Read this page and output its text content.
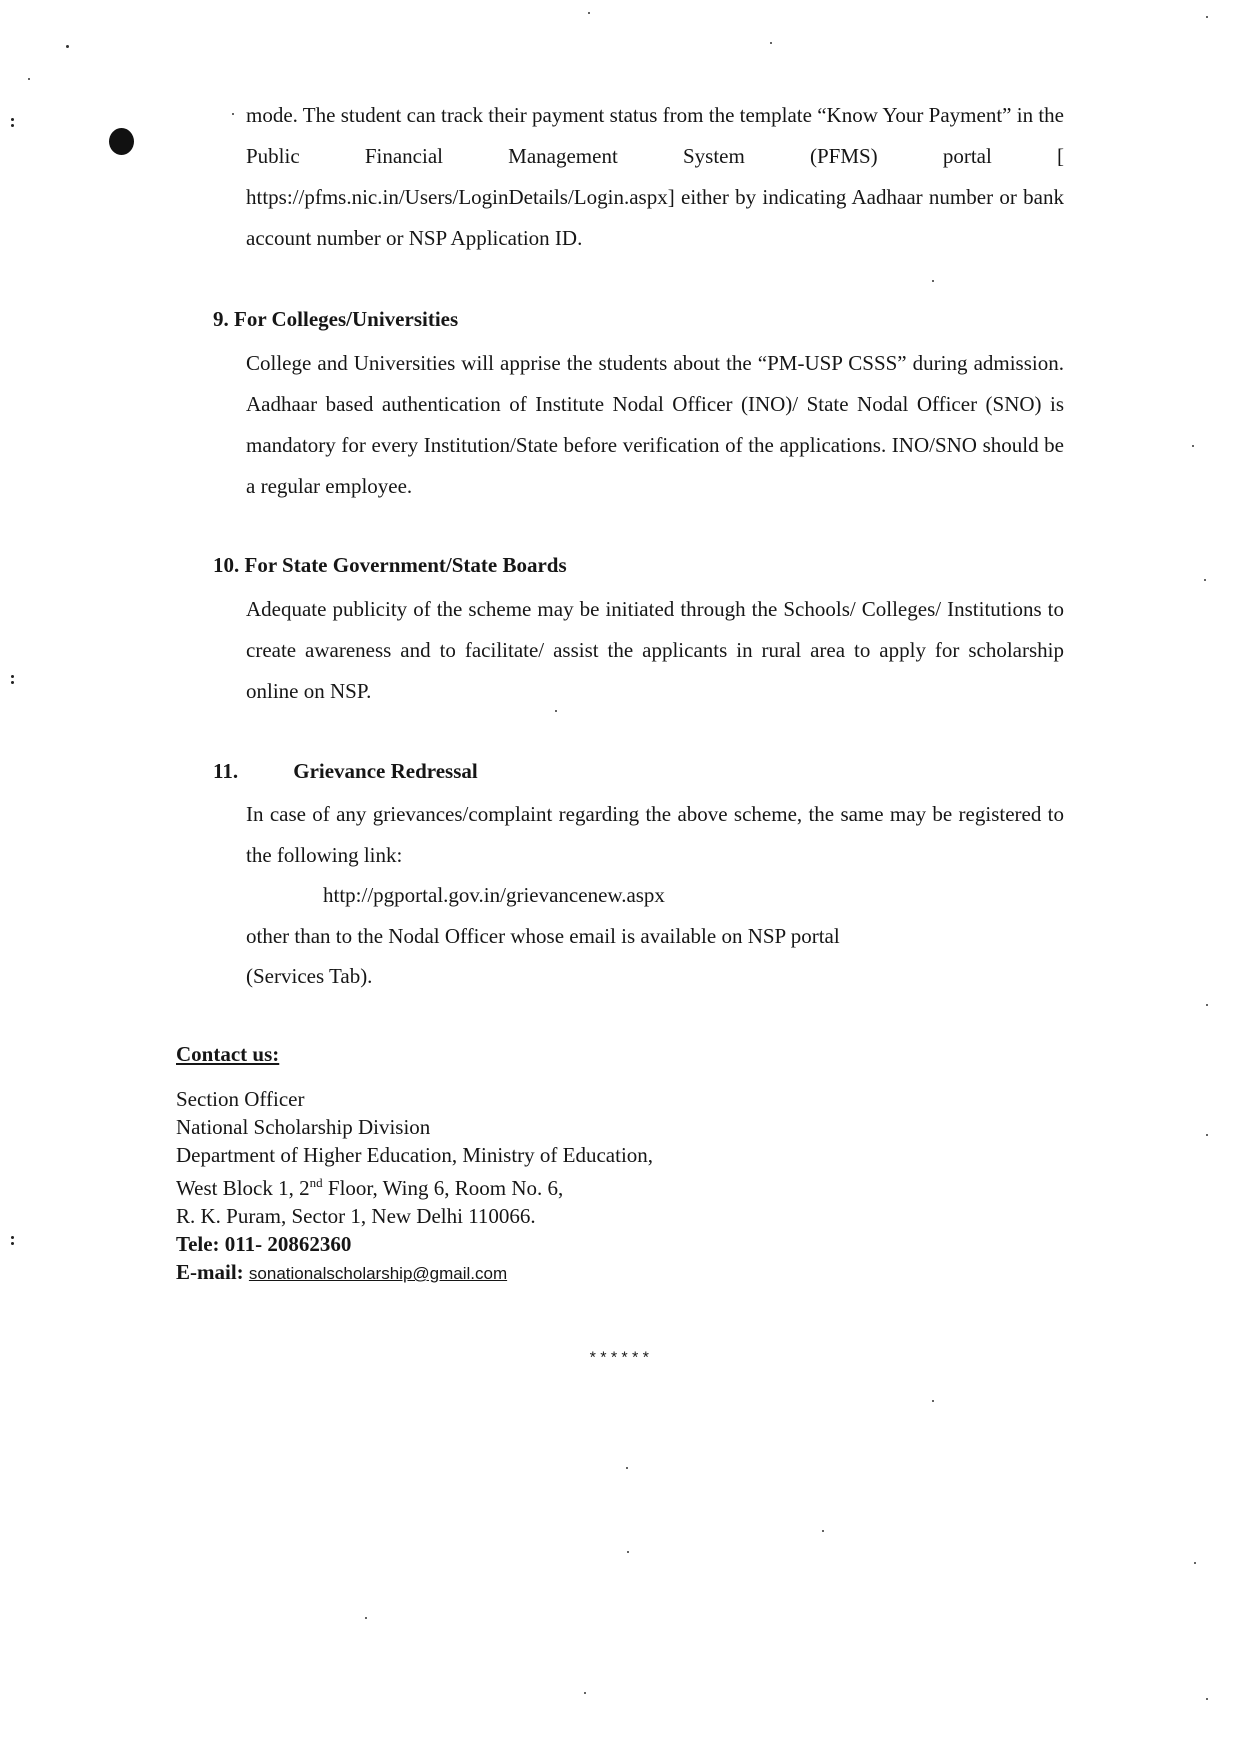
mode. The student can track their payment status from the template “Know Your Payment” in the Public Financial Management System (PFMS) portal [ https://pfms.nic.in/Users/LoginDetails/Login.aspx] either by indicating Aadhaar number or bank account number or NSP Application ID.
9. For Colleges/Universities
College and Universities will apprise the students about the “PM-USP CSSS” during admission. Aadhaar based authentication of Institute Nodal Officer (INO)/ State Nodal Officer (SNO) is mandatory for every Institution/State before verification of the applications. INO/SNO should be a regular employee.
10. For State Government/State Boards
Adequate publicity of the scheme may be initiated through the Schools/ Colleges/ Institutions to create awareness and to facilitate/ assist the applicants in rural area to apply for scholarship online on NSP.
11.	Grievance Redressal
In case of any grievances/complaint regarding the above scheme, the same may be registered to the following link:
http://pgportal.gov.in/grievancenew.aspx
other than to the Nodal Officer whose email is available on NSP portal
(Services Tab).
Contact us:
Section Officer
National Scholarship Division
Department of Higher Education, Ministry of Education,
West Block 1, 2nd Floor, Wing 6, Room No. 6,
R. K. Puram, Sector 1, New Delhi 110066.
Tele: 011- 20862360
E-mail: sonationalscholarship@gmail.com
******
